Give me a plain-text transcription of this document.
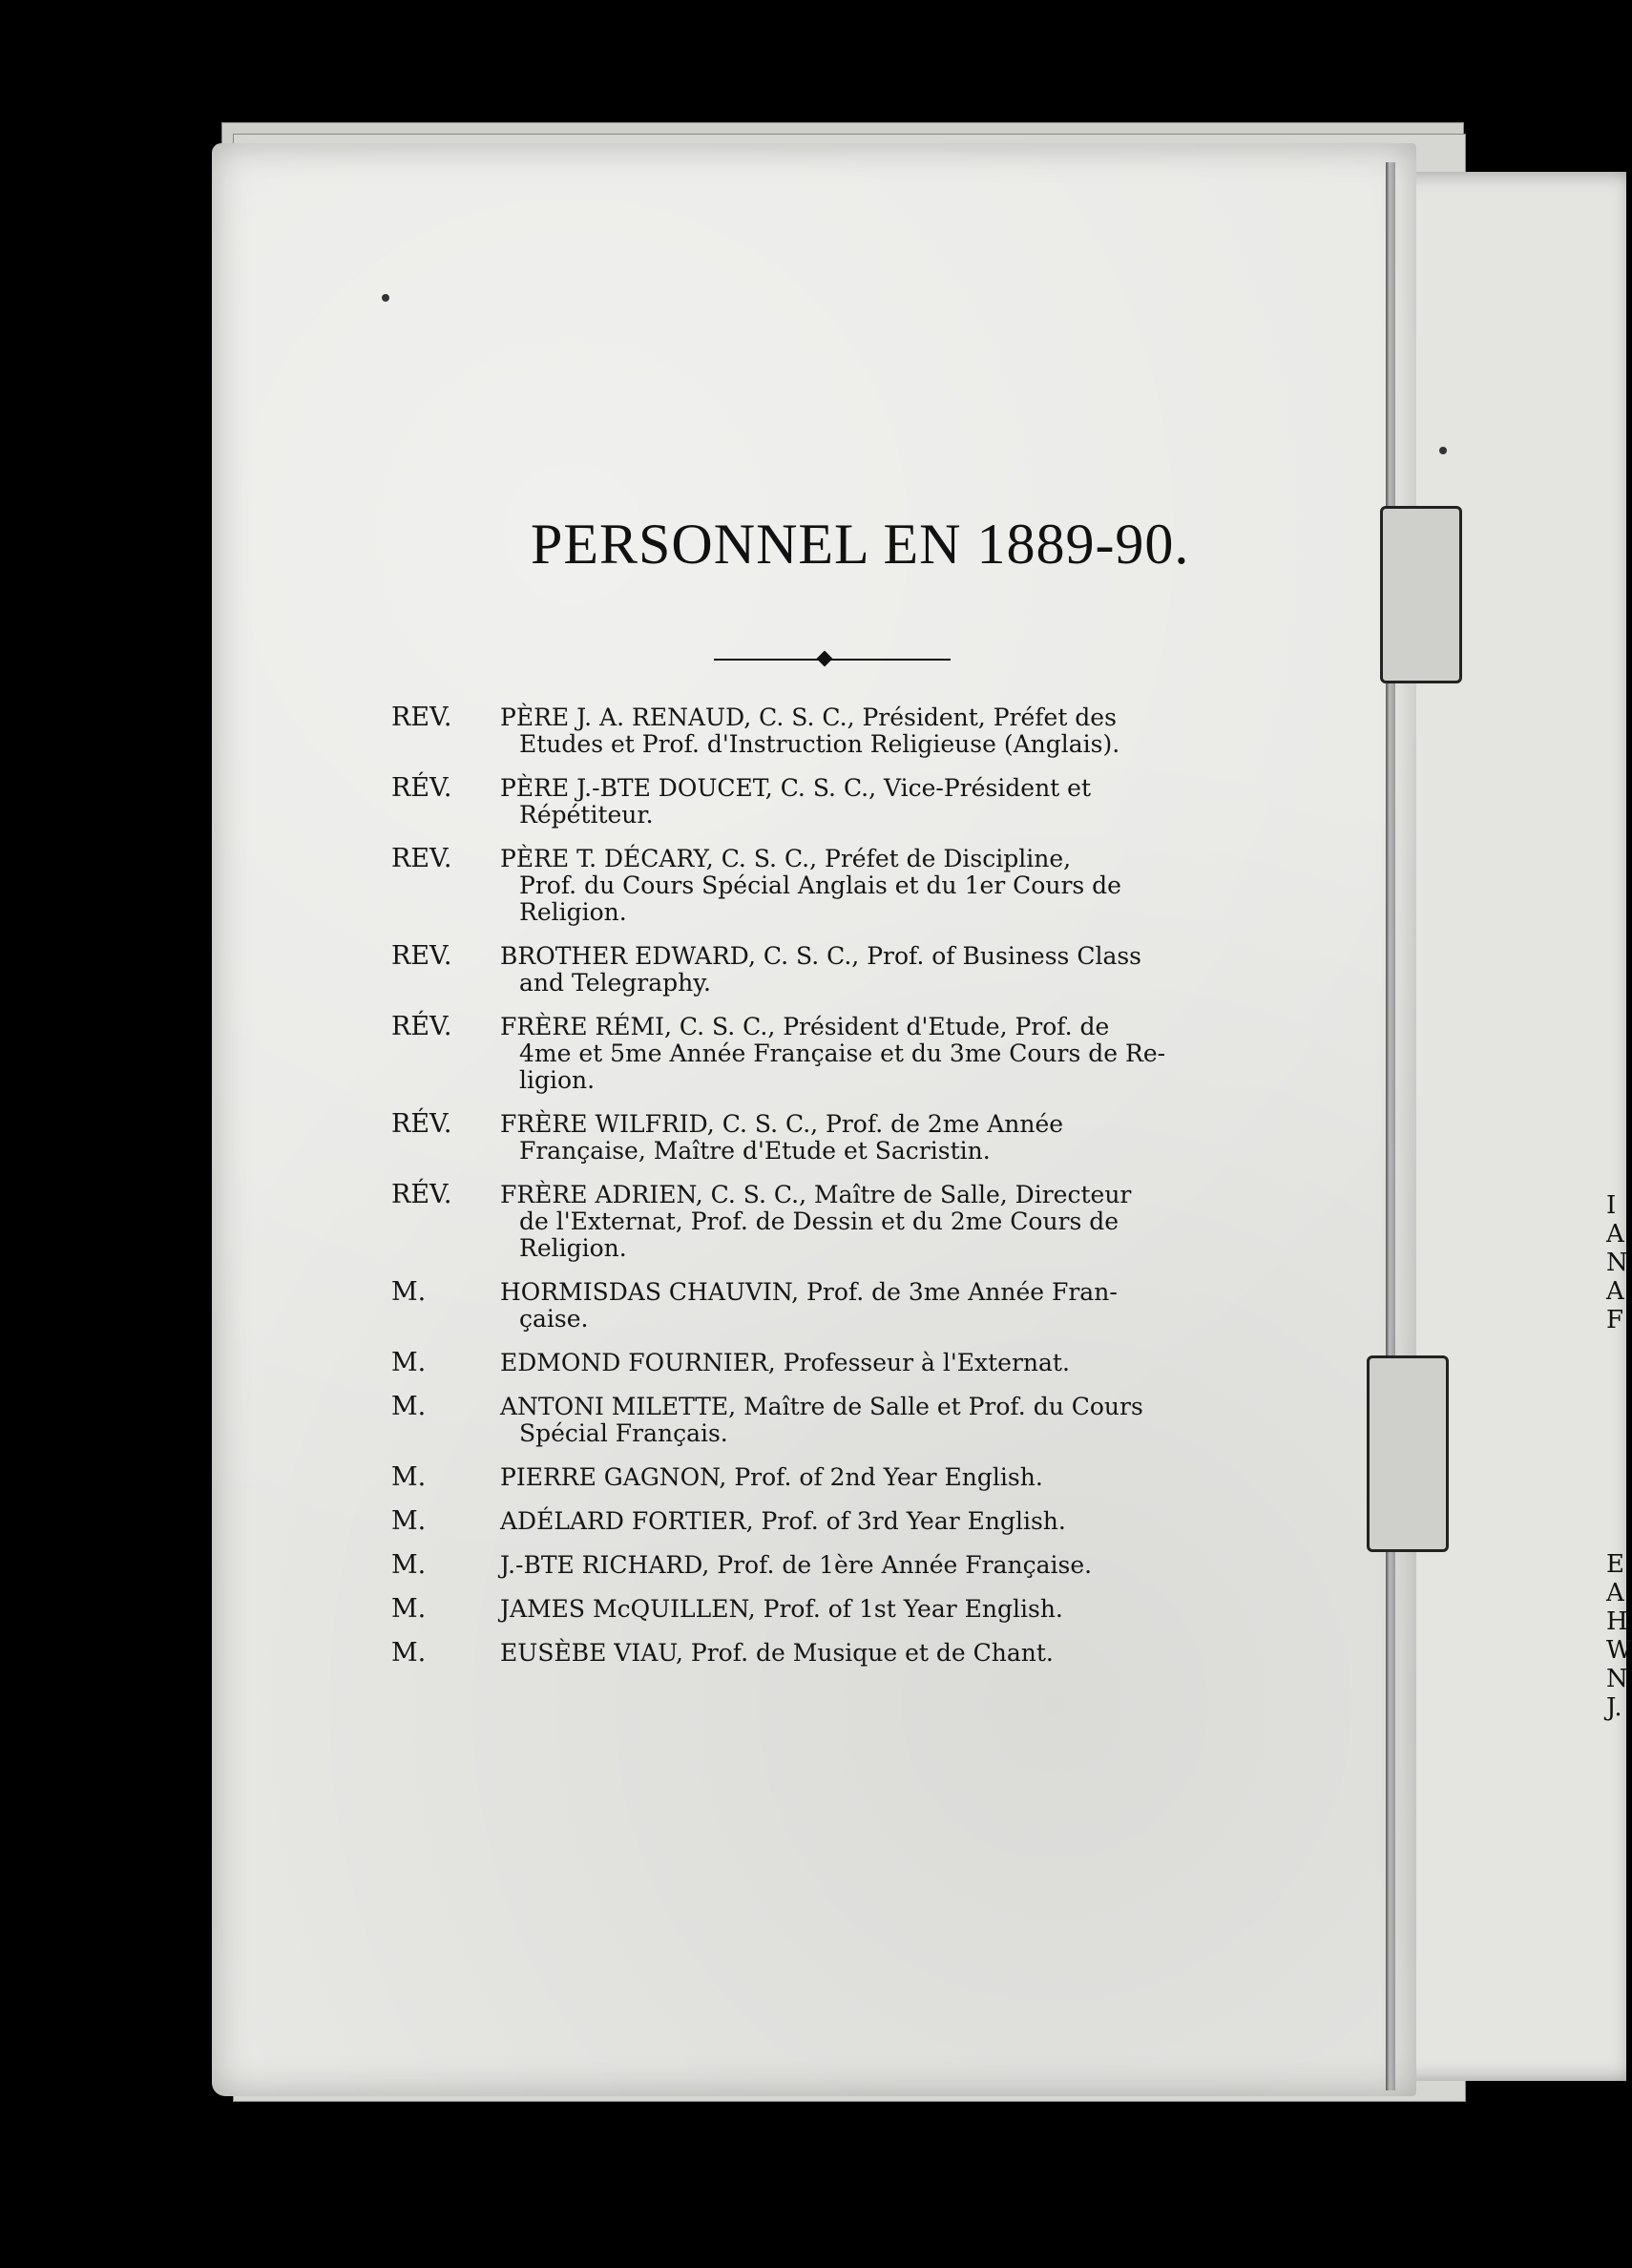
PERSONNEL EN 1889-90.
REV.	PÈRE J. A. RENAUD, C. S. C., Président, Préfet des
Etudes et Prof. d'Instruction Religieuse (Anglais).
RÉV.	PÈRE J.-BTE DOUCET, C. S. C., Vice-Président et
Répétiteur.
REV.	PÈRE T. DÉCARY, C. S. C., Préfet de Discipline,
Prof. du Cours Spécial Anglais et du 1er Cours de
Religion.
REV.	BROTHER EDWARD, C. S. C., Prof. of Business Class
and Telegraphy.
RÉV.	FRÈRE RÉMI, C. S. C., Président d'Etude, Prof. de
4me et 5me Année Française et du 3me Cours de Re-
ligion.
RÉV.	FRÈRE WILFRID, C. S. C., Prof. de 2me Année
Française, Maître d'Etude et Sacristin.
RÉV.	FRÈRE ADRIEN, C. S. C., Maître de Salle, Directeur
de l'Externat, Prof. de Dessin et du 2me Cours de
Religion.
M.	HORMISDAS CHAUVIN, Prof. de 3me Année Fran-
çaise.
M.	EDMOND FOURNIER, Professeur à l'Externat.
M.	ANTONI MILETTE, Maître de Salle et Prof. du Cours
Spécial Français.
M.	PIERRE GAGNON, Prof. of 2nd Year English.
M.	ADÉLARD FORTIER, Prof. of 3rd Year English.
M.	J.-BTE RICHARD, Prof. de 1ère Année Française.
M.	JAMES McQUILLEN, Prof. of 1st Year English.
M.	EUSÈBE VIAU, Prof. de Musique et de Chant.
I
A
N
A
F
E
A
H
W
N
J.
